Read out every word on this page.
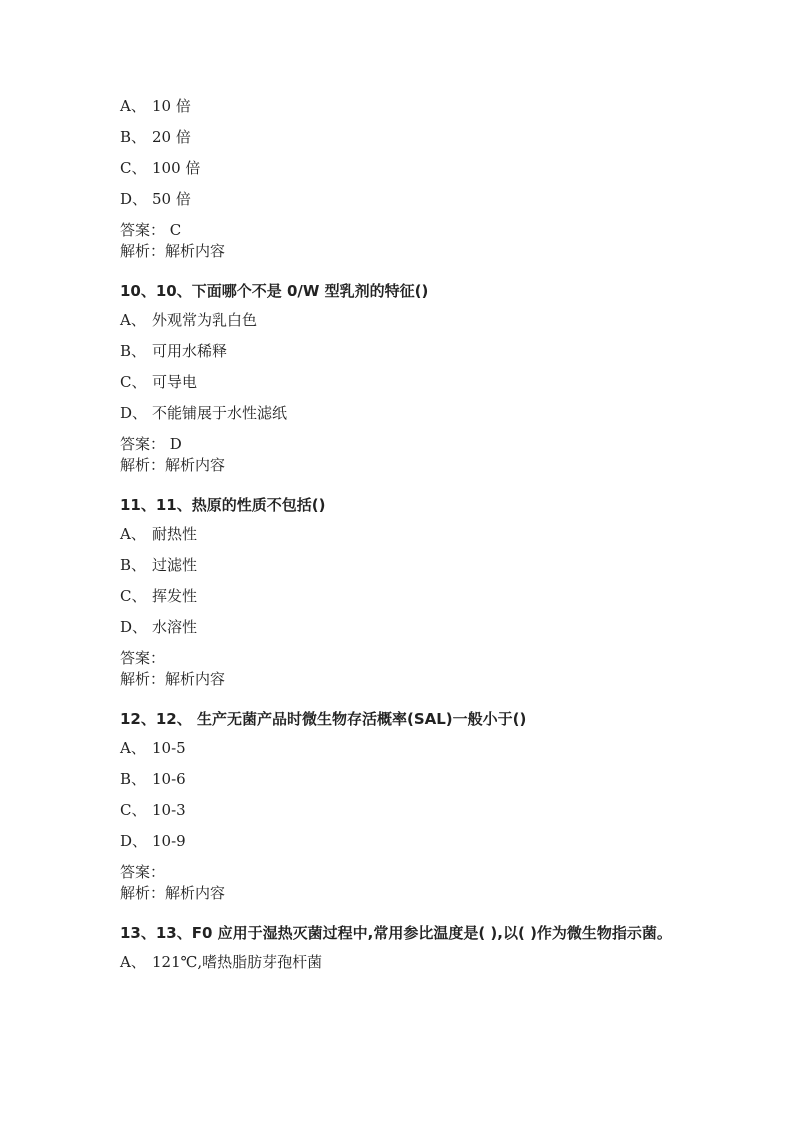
A、 10 倍
B、 20 倍
C、 100 倍
D、 50 倍
答案： C
解析：解析内容
10、10、下面哪个不是 0/W 型乳剂的特征()
A、 外观常为乳白色
B、 可用水稀释
C、 可导电
D、 不能铺展于水性滤纸
答案： D
解析：解析内容
11、11、热原的性质不包括()
A、 耐热性
B、 过滤性
C、 挥发性
D、 水溶性
答案：
解析：解析内容
12、12、 生产无菌产品时微生物存活概率(SAL)一般小于()
A、 10-5
B、 10-6
C、 10-3
D、 10-9
答案：
解析：解析内容
13、13、F0 应用于湿热灭菌过程中,常用参比温度是( ),以( )作为微生物指示菌。
A、 121℃,嗜热脂肪芽孢杆菌
